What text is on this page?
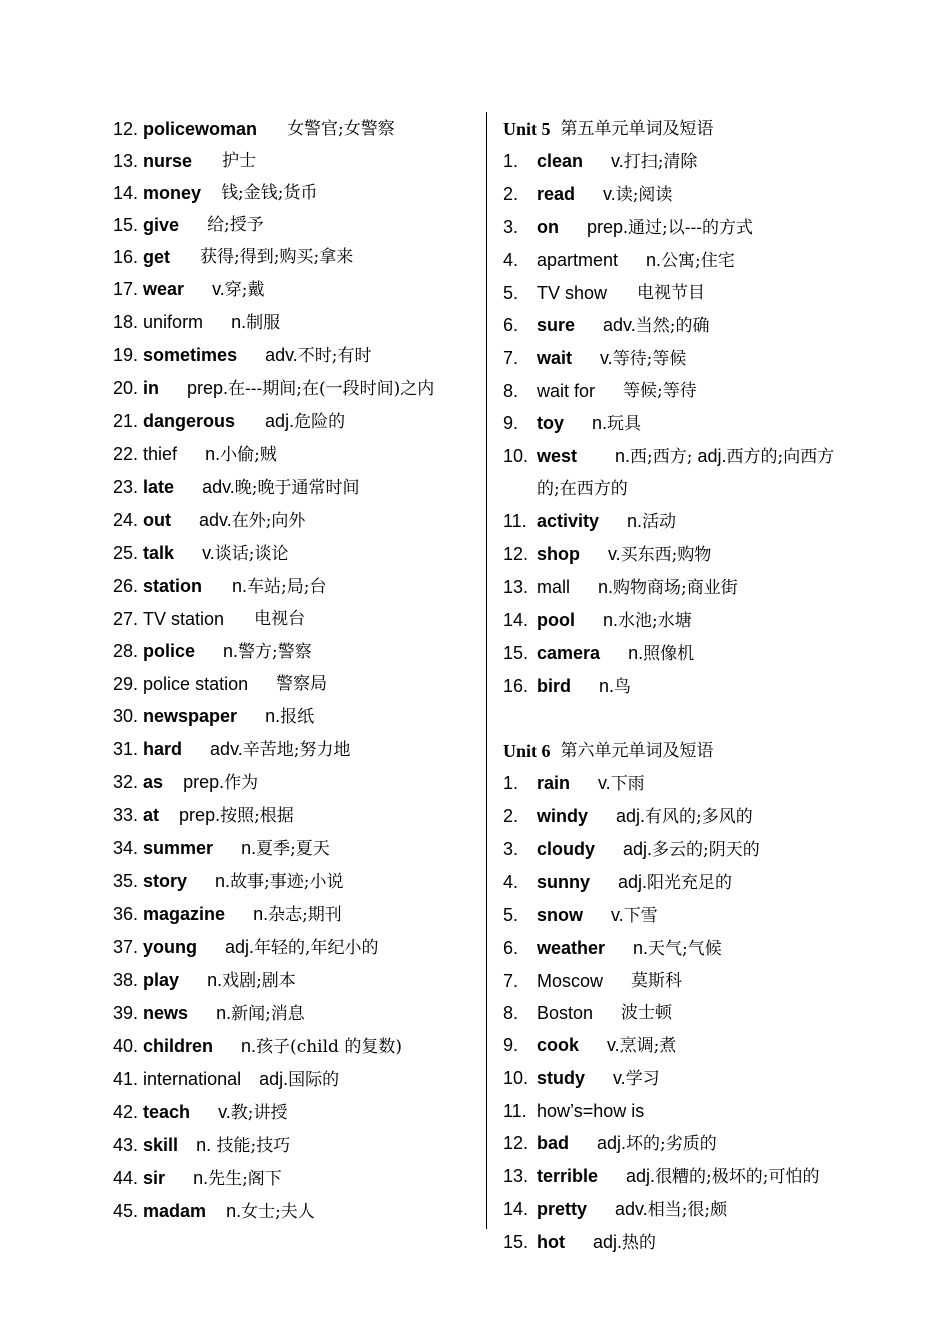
12. policewoman 女警官;女警察
13. nurse 护士
14. money 钱;金钱;货币
15. give 给;授予
16. get 获得;得到;购买;拿来
17. wear v.穿;戴
18. uniform n.制服
19. sometimes adv.不时;有时
20. in prep.在---期间;在(一段时间)之内
21. dangerous adj.危险的
22. thief n.小偷;贼
23. late adv.晚;晚于通常时间
24. out adv.在外;向外
25. talk v.谈话;谈论
26. station n.车站;局;台
27. TV station 电视台
28. police n.警方;警察
29. police station 警察局
30. newspaper n.报纸
31. hard adv.辛苦地;努力地
32. as prep.作为
33. at prep.按照;根据
34. summer n.夏季;夏天
35. story n.故事;事迹;小说
36. magazine n.杂志;期刊
37. young adj.年轻的,年纪小的
38. play n.戏剧;剧本
39. news n.新闻;消息
40. children n.孩子(child 的复数)
41. international adj.国际的
42. teach v.教;讲授
43. skill n. 技能;技巧
44. sir n.先生;阁下
45. madam n.女士;夫人
Unit 5 第五单元单词及短语
1.	clean v.打扫;清除
2.	read v.读;阅读
3.	on prep.通过;以---的方式
4.	apartment n.公寓;住宅
5.	TV show 电视节目
6.	sure adv.当然;的确
7.	wait v.等待;等候
8.	wait for 等候;等待
9.	toy n.玩具
10. west n.西;西方; adj.西方的;向西方
的;在西方的
11. activity n.活动
12. shop v.买东西;购物
13. mall n.购物商场;商业街
14. pool n.水池;水塘
15. camera n.照像机
16. bird n.鸟
Unit 6 第六单元单词及短语
1.	rain v.下雨
2.	windy adj.有风的;多风的
3.	cloudy adj.多云的;阴天的
4.	sunny adj.阳光充足的
5.	snow v.下雪
6.	weather n.天气;气候
7.	Moscow 莫斯科
8.	Boston 波士顿
9.	cook v.烹调;煮
10. study v.学习
11. how’s=how is
12. bad adj.坏的;劣质的
13. terrible adj.很糟的;极坏的;可怕的
14. pretty adv.相当;很;颇
15. hot adj.热的
